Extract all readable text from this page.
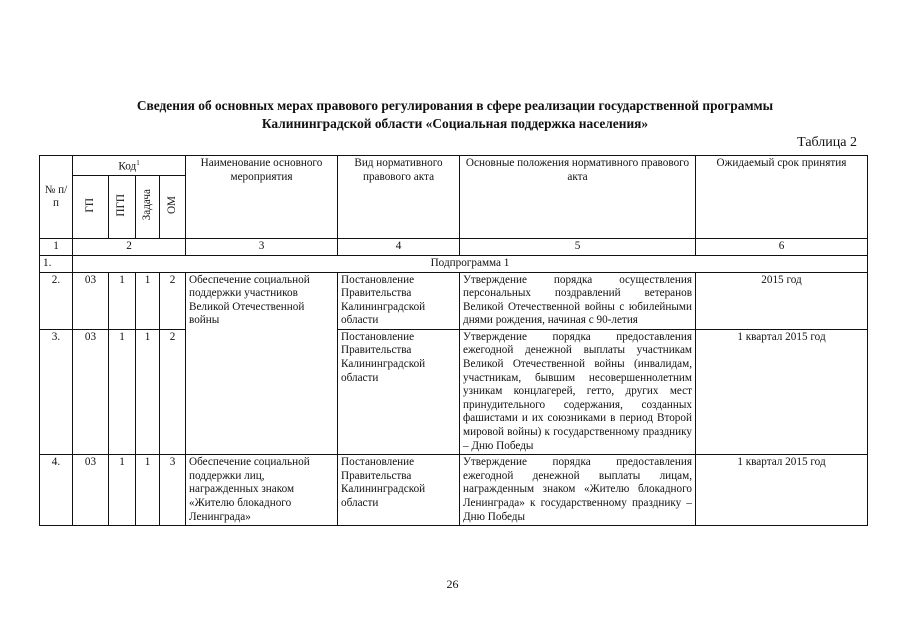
Сведения об основных мерах правового регулирования в сфере реализации государственной программы
Калининградской области «Социальная поддержка населения»
Таблица 2
№ п/п	Код$^1$				Наименование основного мероприятия	Вид нормативного правового акта	Основные положения нормативного правового акта	Ожидаемый срок принятия
	ГП	ПГП	Задача	ОМ				
1	2				3	4	5	6
1.	Подпрограмма 1							
2.	03	1	1	2	Обеспечение социальной поддержки участников Великой Отечественной войны	Постановление Правительства Калининградской области	Утверждение порядка осуществления персональных поздравлений ветеранов Великой Отечественной войны с юбилейными днями рождения, начиная с 90-летия	2015 год
3.	03	1	1	2		Постановление Правительства Калининградской области	Утверждение порядка предоставления ежегодной денежной выплаты участникам Великой Отечественной войны (инвалидам, участникам, бывшим несовершеннолетним узникам концлагерей, гетто, других мест принудительного содержания, созданных фашистами и их союзниками в период Второй мировой войны) к государственному празднику – Дню Победы	1 квартал 2015 год
4.	03	1	1	3	Обеспечение социальной поддержки лиц, награжденных знаком «Жителю блокадного Ленинграда»	Постановление Правительства Калининградской области	Утверждение порядка предоставления ежегодной денежной выплаты лицам, награжденным знаком «Жителю блокадного Ленинграда» к государственному празднику – Дню Победы	1 квартал 2015 год
26
